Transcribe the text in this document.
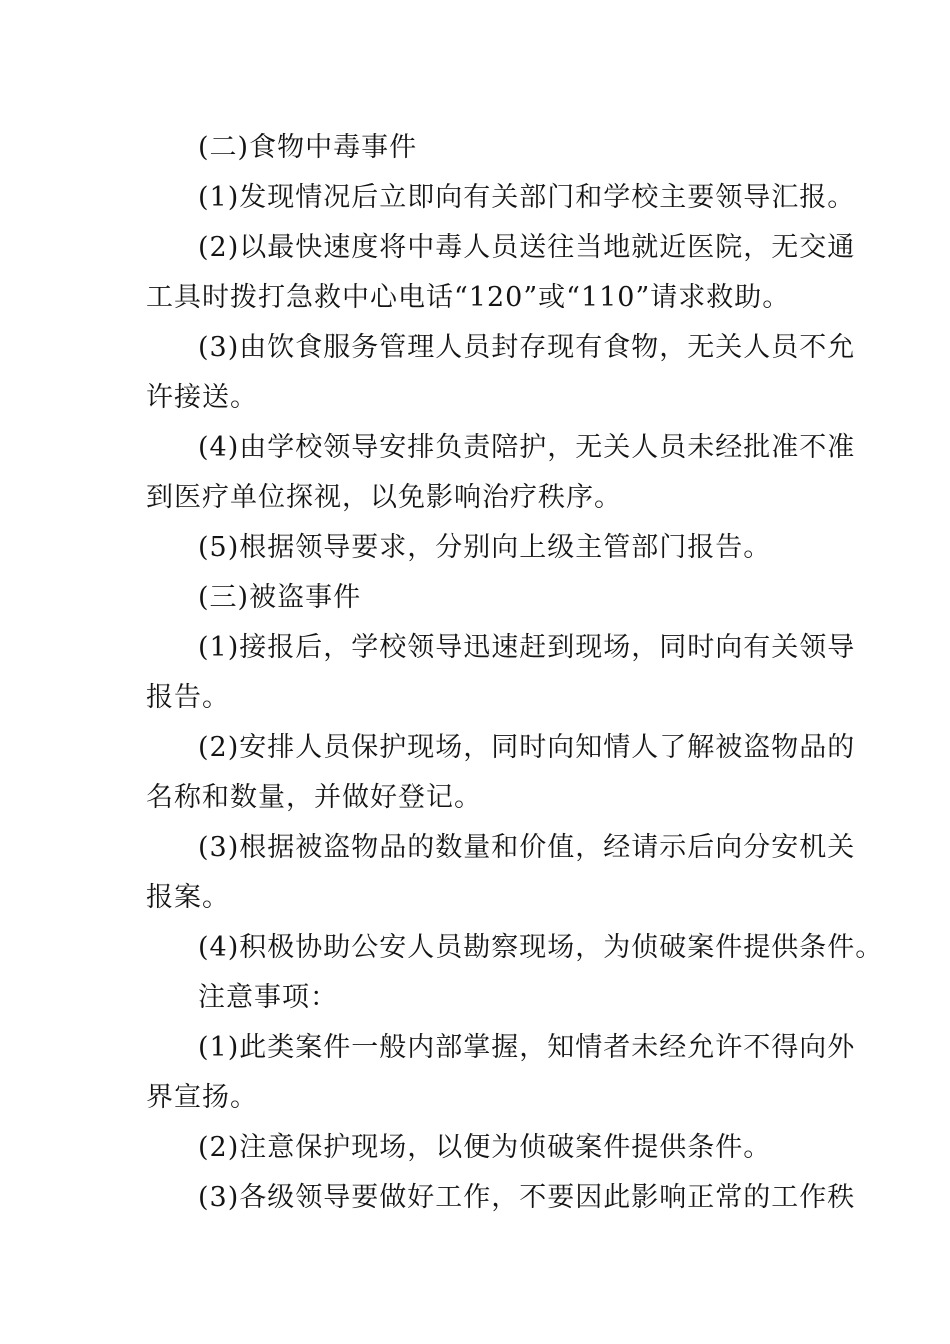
(二)食物中毒事件
(1)发现情况后立即向有关部门和学校主要领导汇报。
(2)以最快速度将中毒人员送往当地就近医院，无交通
工具时拨打急救中心电话“120”或“110”请求救助。
(3)由饮食服务管理人员封存现有食物，无关人员不允
许接送。
(4)由学校领导安排负责陪护，无关人员未经批准不准
到医疗单位探视，以免影响治疗秩序。
(5)根据领导要求，分别向上级主管部门报告。
(三)被盗事件
(1)接报后，学校领导迅速赶到现场，同时向有关领导
报告。
(2)安排人员保护现场，同时向知情人了解被盗物品的
名称和数量，并做好登记。
(3)根据被盗物品的数量和价值，经请示后向分安机关
报案。
(4)积极协助公安人员勘察现场，为侦破案件提供条件。
注意事项：
(1)此类案件一般内部掌握，知情者未经允许不得向外
界宣扬。
(2)注意保护现场，以便为侦破案件提供条件。
(3)各级领导要做好工作，不要因此影响正常的工作秩
